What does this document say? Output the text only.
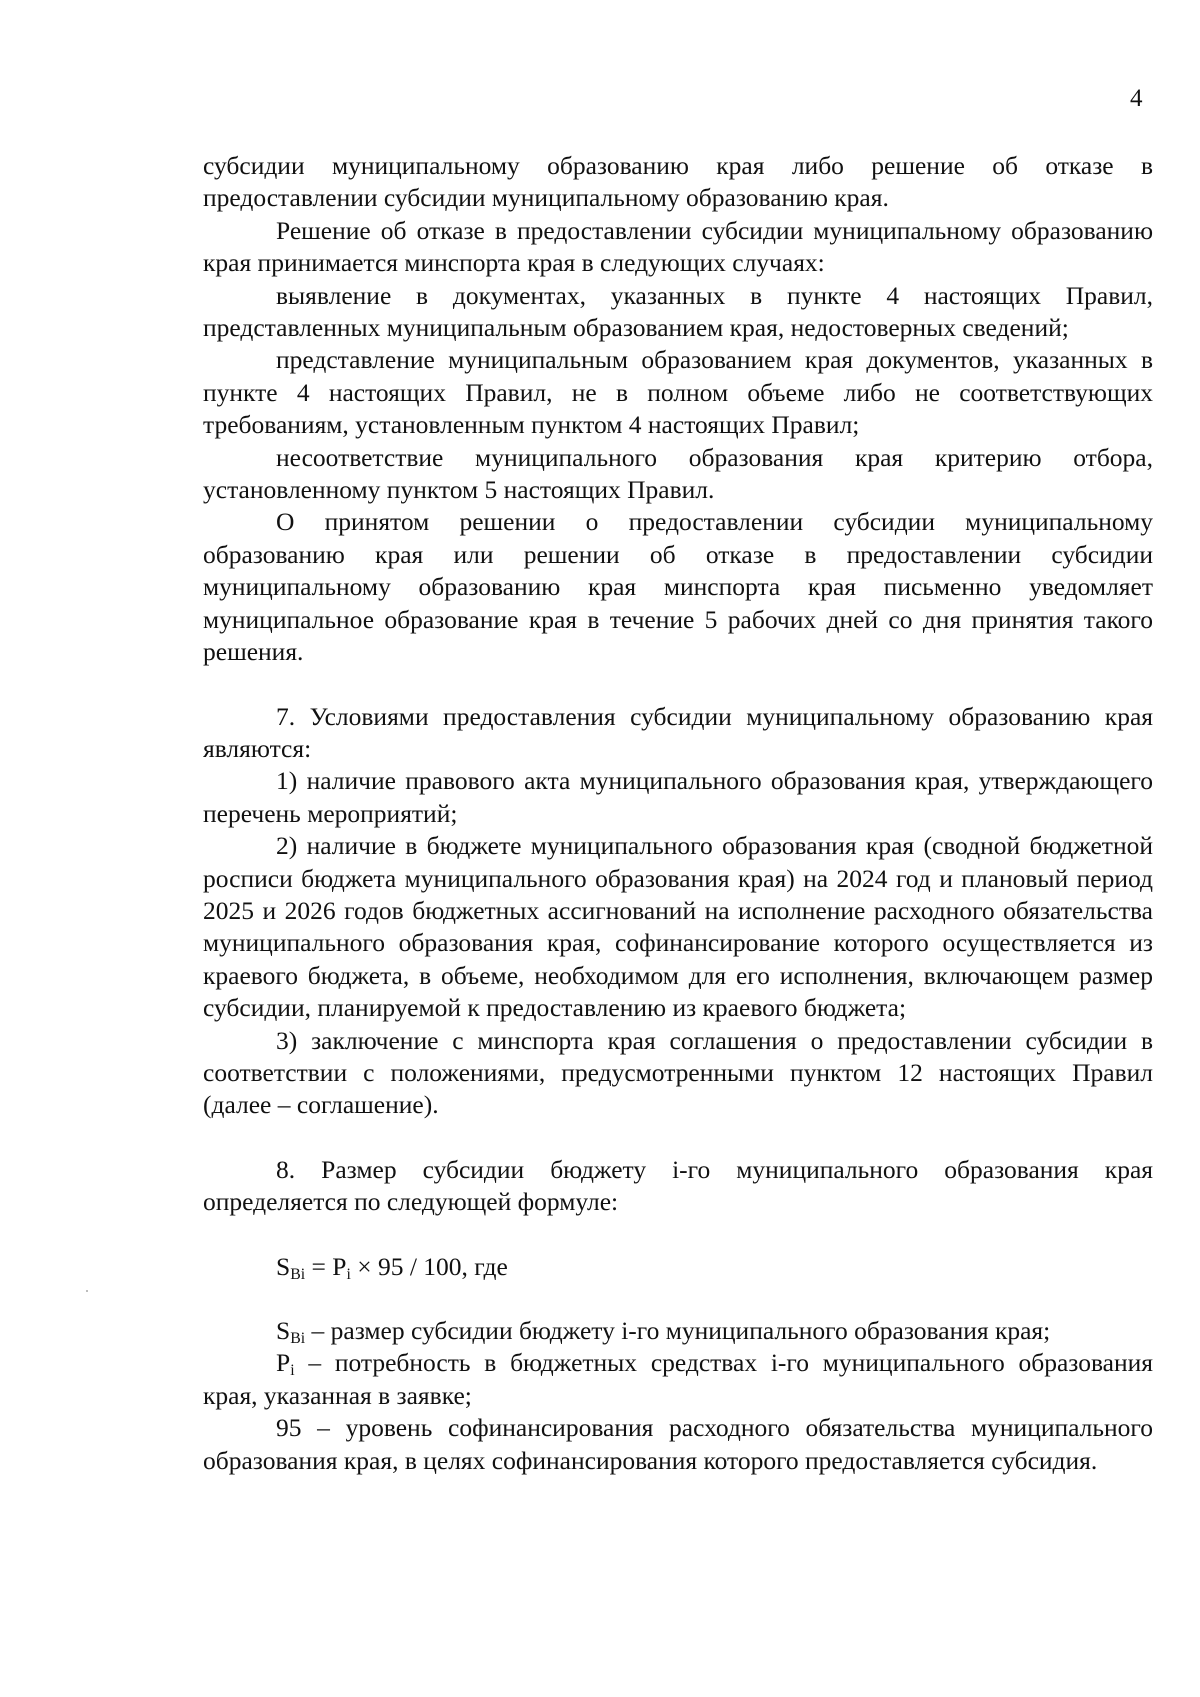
4

субсидии муниципальному образованию края либо решение об отказе в предоставлении субсидии муниципальному образованию края.

Решение об отказе в предоставлении субсидии муниципальному образованию края принимается минспорта края в следующих случаях:

выявление в документах, указанных в пункте 4 настоящих Правил, представленных муниципальным образованием края, недостоверных сведений;

представление муниципальным образованием края документов, указанных в пункте 4 настоящих Правил, не в полном объеме либо не соответствующих требованиям, установленным пунктом 4 настоящих Правил;

несоответствие муниципального образования края критерию отбора, установленному пунктом 5 настоящих Правил.

О принятом решении о предоставлении субсидии муниципальному образованию края или решении об отказе в предоставлении субсидии муниципальному образованию края минспорта края письменно уведомляет муниципальное образование края в течение 5 рабочих дней со дня принятия такого решения.

7. Условиями предоставления субсидии муниципальному образованию края являются:

1) наличие правового акта муниципального образования края, утверждающего перечень мероприятий;

2) наличие в бюджете муниципального образования края (сводной бюджетной росписи бюджета муниципального образования края) на 2024 год и плановый период 2025 и 2026 годов бюджетных ассигнований на исполнение расходного обязательства муниципального образования края, софинансирование которого осуществляется из краевого бюджета, в объеме, необходимом для его исполнения, включающем размер субсидии, планируемой к предоставлению из краевого бюджета;

3) заключение с минспорта края соглашения о предоставлении субсидии в соответствии с положениями, предусмотренными пунктом 12 настоящих Правил (далее – соглашение).

8. Размер субсидии бюджету i-го муниципального образования края определяется по следующей формуле:

$S_{Bi} = P_i \times 95 / 100$, где

$S_{Bi}$ – размер субсидии бюджету i-го муниципального образования края;

$P_i$ – потребность в бюджетных средствах i-го муниципального образования края, указанная в заявке;

95 – уровень софинансирования расходного обязательства муниципального образования края, в целях софинансирования которого предоставляется субсидия.
